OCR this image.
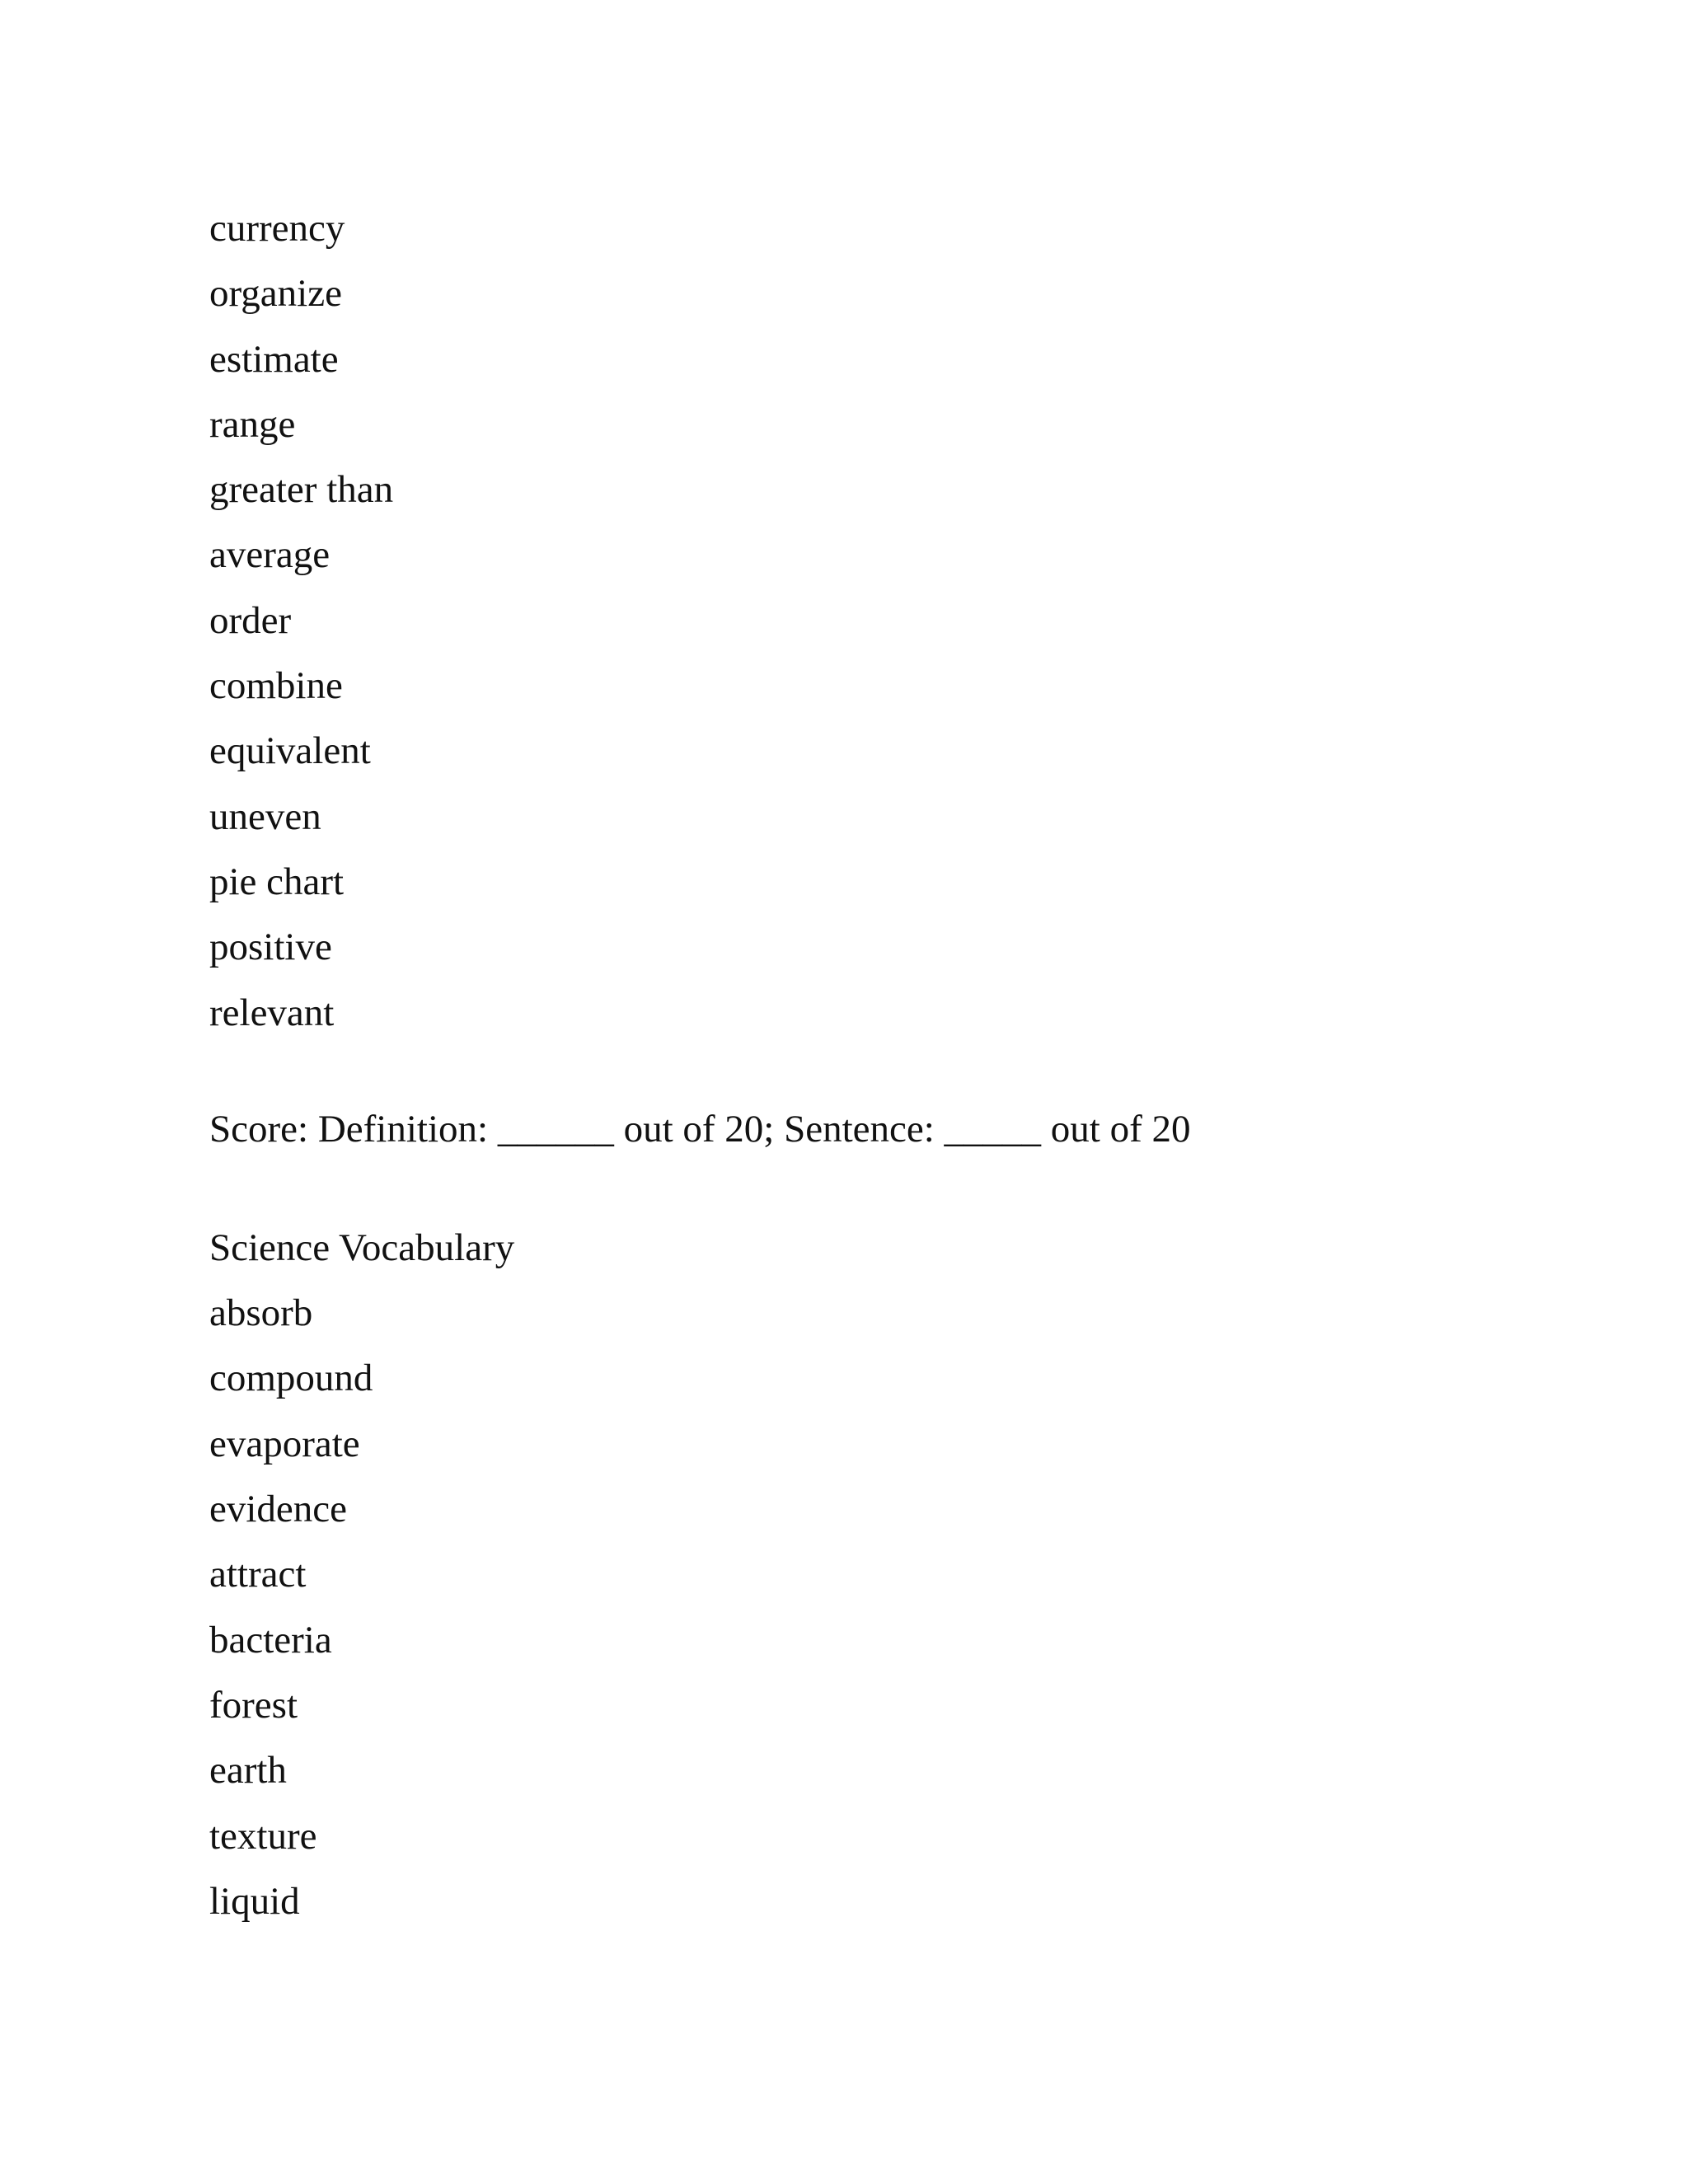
currency
organize
estimate
range
greater than
average
order
combine
equivalent
uneven
pie chart
positive
relevant
Score: Definition: ______ out of 20; Sentence: _____ out of 20
Science Vocabulary
absorb
compound
evaporate
evidence
attract
bacteria
forest
earth
texture
liquid
